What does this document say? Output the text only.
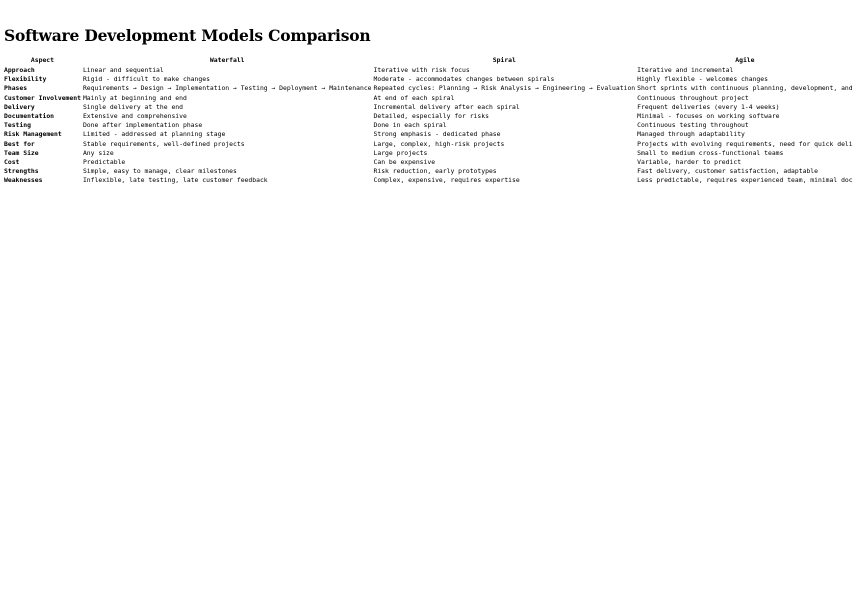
Software Development Models Comparison
Aspect	Waterfall	Spiral	Agile
Approach	Linear and sequential	Iterative with risk focus	Iterative and incremental
Flexibility	Rigid - difficult to make changes	Moderate - accommodates changes between spirals	Highly flexible - welcomes changes
Phases	Requirements → Design → Implementation → Testing → Deployment → Maintenance	Repeated cycles: Planning → Risk Analysis → Engineering → Evaluation	Short sprints with continuous planning, development, and
Customer Involvement	Mainly at beginning and end	At end of each spiral	Continuous throughout project
Delivery	Single delivery at the end	Incremental delivery after each spiral	Frequent deliveries (every 1-4 weeks)
Documentation	Extensive and comprehensive	Detailed, especially for risks	Minimal - focuses on working software
Testing	Done after implementation phase	Done in each spiral	Continuous testing throughout
Risk Management	Limited - addressed at planning stage	Strong emphasis - dedicated phase	Managed through adaptability
Best for	Stable requirements, well-defined projects	Large, complex, high-risk projects	Projects with evolving requirements, need for quick deli
Team Size	Any size	Large projects	Small to medium cross-functional teams
Cost	Predictable	Can be expensive	Variable, harder to predict
Strengths	Simple, easy to manage, clear milestones	Risk reduction, early prototypes	Fast delivery, customer satisfaction, adaptable
Weaknesses	Inflexible, late testing, late customer feedback	Complex, expensive, requires expertise	Less predictable, requires experienced team, minimal doc
